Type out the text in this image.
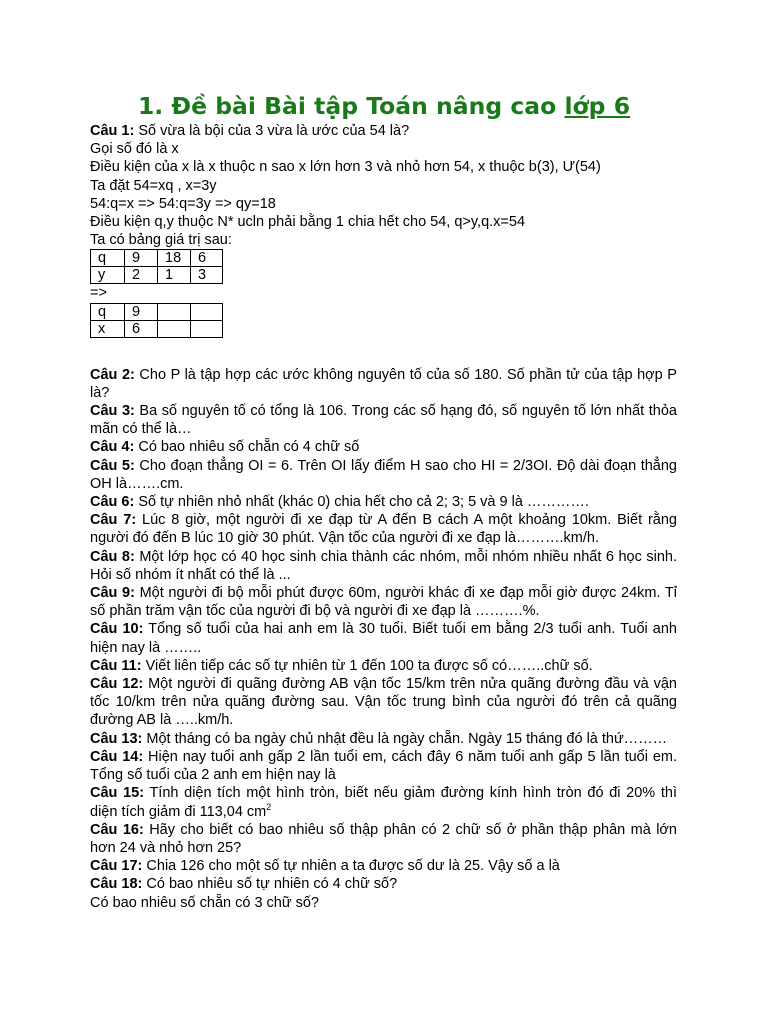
1. Đề bài Bài tập Toán nâng cao lớp 6

Câu 1: Số vừa là bội của 3 vừa là ước của 54 là?

Gọi số đó là x

Điều kiện của x là x thuộc n sao x lớn hơn 3 và nhỏ hơn 54, x thuộc b(3), Ư(54)

Ta đặt 54=xq , x=3y

54:q=x => 54:q=3y => qy=18

Điều kiện q,y thuộc N* ucln phải bằng 1 chia hết cho 54, q>y,q.x=54

Ta có bảng giá trị sau:

q	9	18	6
y	2	1	3

=>

q	9		
x	6		

Câu 2: Cho P là tập hợp các ước không nguyên tố của số 180. Số phần tử của tập hợp P là?

Câu 3: Ba số nguyên tố có tổng là 106. Trong các số hạng đó, số nguyên tố lớn nhất thỏa mãn có thể là…

Câu 4: Có bao nhiêu số chẵn có 4 chữ số

Câu 5: Cho đoạn thẳng OI = 6. Trên OI lấy điểm H sao cho HI = 2/3OI. Độ dài đoạn thẳng OH là…….cm.

Câu 6: Số tự nhiên nhỏ nhất (khác 0) chia hết cho cả 2; 3; 5 và 9 là ………….

Câu 7: Lúc 8 giờ, một người đi xe đạp từ A đến B cách A một khoảng 10km. Biết rằng người đó đến B lúc 10 giờ 30 phút. Vận tốc của người đi xe đạp là……….km/h.

Câu 8: Một lớp học có 40 học sinh chia thành các nhóm, mỗi nhóm nhiều nhất 6 học sinh. Hỏi số nhóm ít nhất có thể là ...

Câu 9: Một người đi bộ mỗi phút được 60m, người khác đi xe đạp mỗi giờ được 24km. Tỉ số phần trăm vận tốc của người đi bộ và người đi xe đạp là ……….%.

Câu 10: Tổng số tuổi của hai anh em là 30 tuổi. Biết tuổi em bằng 2/3 tuổi anh. Tuổi anh hiện nay là ……..

Câu 11: Viết liên tiếp các số tự nhiên từ 1 đến 100 ta được số có……..chữ số.

Câu 12: Một người đi quãng đường AB vận tốc 15/km trên nửa quãng đường đầu và vận tốc 10/km trên nửa quãng đường sau. Vận tốc trung bình của người đó trên cả quãng đường AB là …..km/h.

Câu 13: Một tháng có ba ngày chủ nhật đều là ngày chẵn. Ngày 15 tháng đó là thứ………

Câu 14: Hiện nay tuổi anh gấp 2 lần tuổi em, cách đây 6 năm tuổi anh gấp 5 lần tuổi em. Tổng số tuổi của 2 anh em hiện nay là

Câu 15: Tính diện tích một hình tròn, biết nếu giảm đường kính hình tròn đó đi 20% thì diện tích giảm đi 113,04 $cm^2$

Câu 16: Hãy cho biết có bao nhiêu số thập phân có 2 chữ số ở phần thập phân mà lớn hơn 24 và nhỏ hơn 25?

Câu 17: Chia 126 cho một số tự nhiên a ta được số dư là 25. Vậy số a là

Câu 18: Có bao nhiêu số tự nhiên có 4 chữ số?

Có bao nhiêu số chẵn có 3 chữ số?
